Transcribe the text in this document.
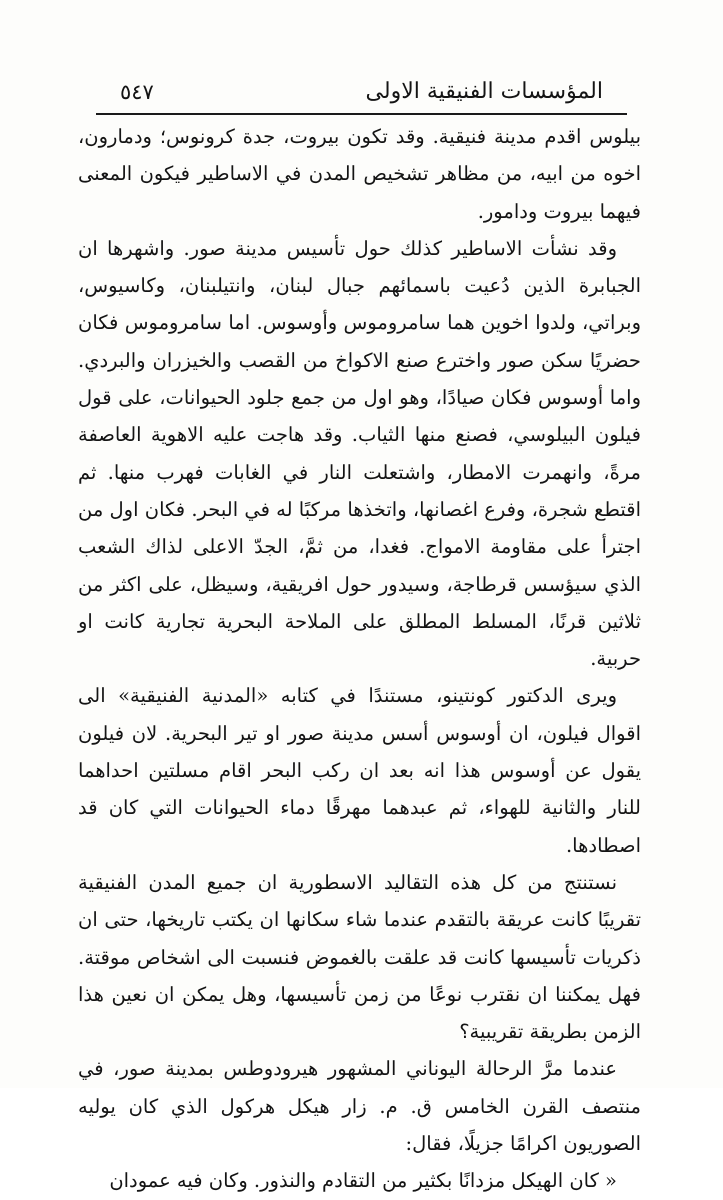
المؤسسات الفنيقية الاولى
٥٤٧

بيلوس اقدم مدينة فنيقية. وقد تكون بيروت، جدة كرونوس؛ ودمارون، اخوه من ابيه، من مظاهر تشخيص المدن في الاساطير فيكون المعنى فيهما بيروت ودامور.

وقد نشأت الاساطير كذلك حول تأسيس مدينة صور. واشهرها ان الجبابرة الذين دُعيت باسمائهم جبال لبنان، وانتيلبنان، وكاسيوس، وبراتي، ولدوا اخوين هما سامروموس وأوسوس. اما سامروموس فكان حضريًا سكن صور واخترع صنع الاكواخ من القصب والخيزران والبردي. واما أوسوس فكان صيادًا، وهو اول من جمع جلود الحيوانات، على قول فيلون البيلوسي، فصنع منها الثياب. وقد هاجت عليه الاهوية العاصفة مرةً، وانهمرت الامطار، واشتعلت النار في الغابات فهرب منها. ثم اقتطع شجرة، وفرع اغصانها، واتخذها مركبًا له في البحر. فكان اول من اجترأ على مقاومة الامواج. فغدا، من ثمَّ، الجدّ الاعلى لذاك الشعب الذي سيؤسس قرطاجة، وسيدور حول افريقية، وسيظل، على اكثر من ثلاثين قرنًا، المسلط المطلق على الملاحة البحرية تجارية كانت او حربية.

ويرى الدكتور كونتينو، مستندًا في كتابه «المدنية الفنيقية» الى اقوال فيلون، ان أوسوس أسس مدينة صور او تير البحرية. لان فيلون يقول عن أوسوس هذا انه بعد ان ركب البحر اقام مسلتين احداهما للنار والثانية للهواء، ثم عبدهما مهرقًا دماء الحيوانات التي كان قد اصطادها.

نستنتج من كل هذه التقاليد الاسطورية ان جميع المدن الفنيقية تقريبًا كانت عريقة بالتقدم عندما شاء سكانها ان يكتب تاريخها، حتى ان ذكريات تأسيسها كانت قد علقت بالغموض فنسبت الى اشخاص موقتة. فهل يمكننا ان نقترب نوعًا من زمن تأسيسها، وهل يمكن ان نعين هذا الزمن بطريقة تقريبية؟

عندما مرَّ الرحالة اليوناني المشهور هيرودوطس بمدينة صور، في منتصف القرن الخامس ق. م. زار هيكل هركول الذي كان يوليه الصوريون اكرامًا جزيلًا، فقال:

« كان الهيكل مزدانًا بكثير من التقادم والنذور. وكان فيه عمودان
